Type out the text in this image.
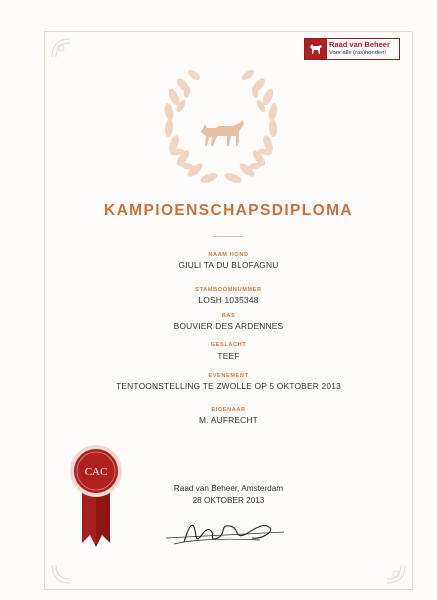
Raad van Beheer
Voor alle (ras)honden!
KAMPIOENSCHAPSDIPLOMA
NAAM HOND
GIULI TA DU BLOFAGNU
STAMBOOMNUMMER
LOSH 1035348
RAS
BOUVIER DES ARDENNES
GESLACHT
TEEF
EVENEMENT
TENTOONSTELLING TE ZWOLLE OP 5 OKTOBER 2013
EIGENAAR
M. AUFRECHT
CAC
Raad van Beheer, Amsterdam
28 OKTOBER 2013
